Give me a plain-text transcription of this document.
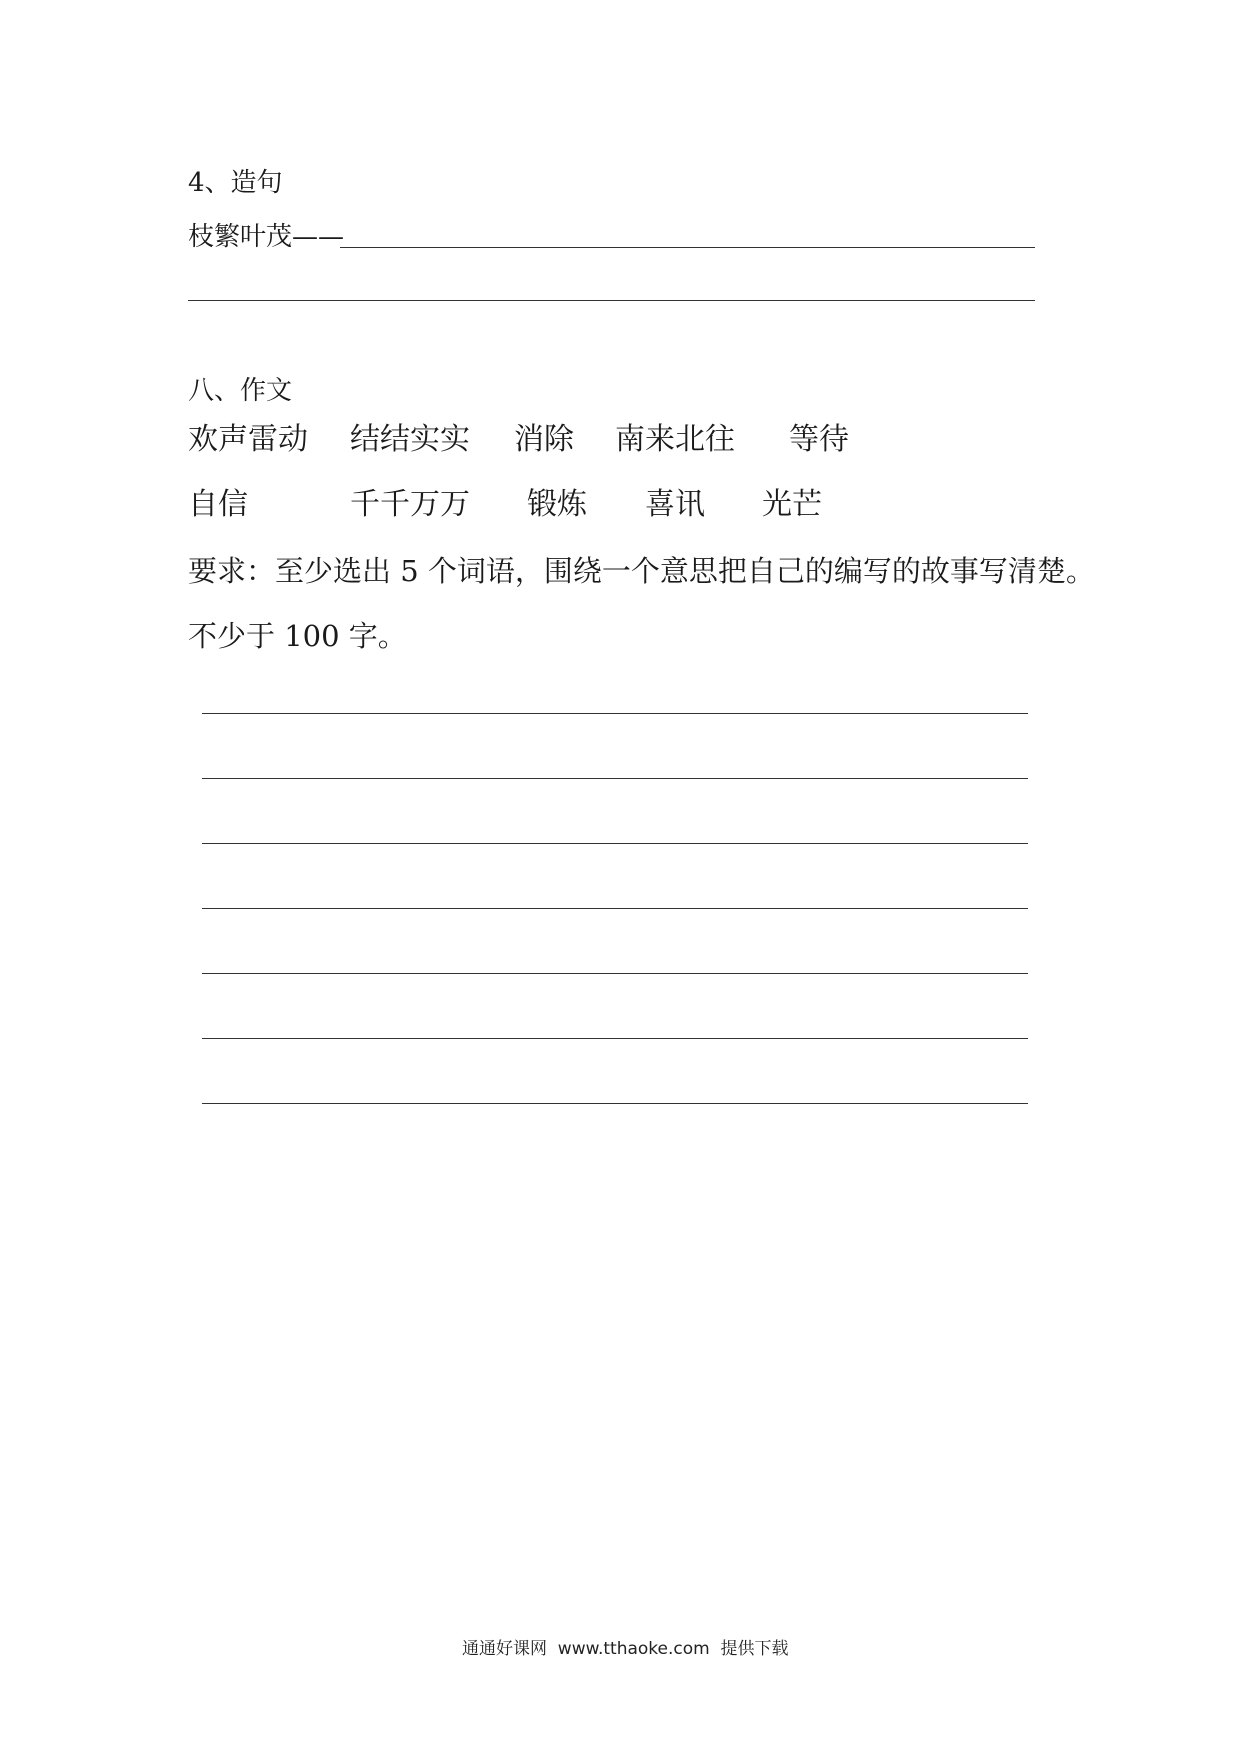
4、造句
枝繁叶茂——
八、作文
欢声雷动 结结实实 消除 南来北往 等待
自信	千千万万 锻炼 喜讯 光芒
要求：至少选出 5 个词语，围绕一个意思把自己的编写的故事写清楚。
不少于 100 字。
通通好课网  www.tthaoke.com  提供下载
